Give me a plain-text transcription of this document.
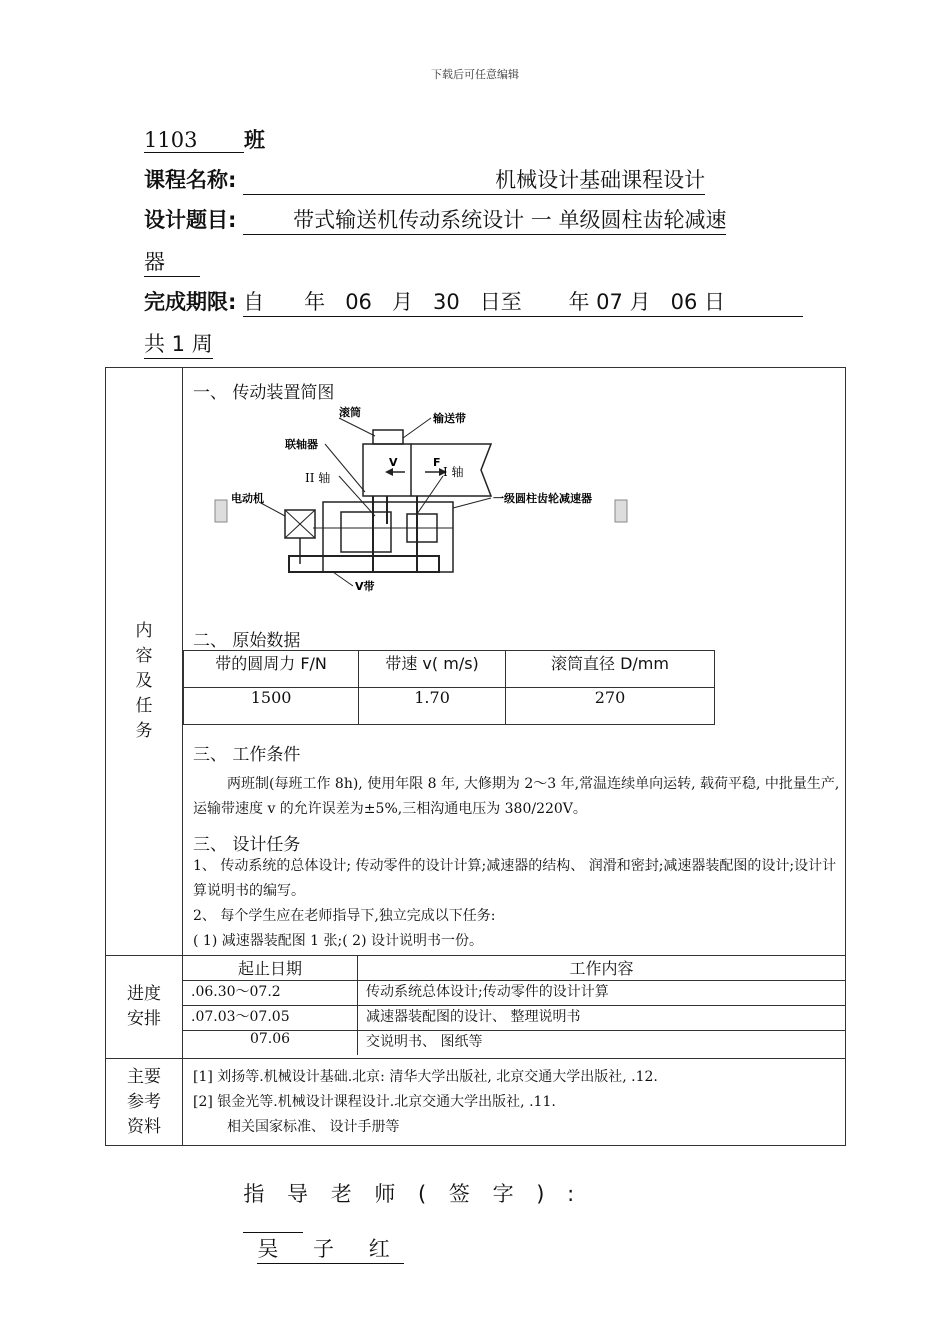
下载后可任意编辑
1103 班
课程名称:	机械设计基础课程设计
设计题目:	带式输送机传动系统设计 一 单级圆柱齿轮减速
器
完成期限: 自 年 06 月 30 日至 年 07 月 06 日
共 1 周
内
容
及
任
务

一、 传动装置简图
滚筒	输送带
联轴器
II 轴	I 轴
电动机	一级圆柱齿轮减速器
V带
V	F
二、 原始数据
带的圆周力 F/N	带速 v( m/s)	滚筒直径 D/mm
1500	1.70	270
三、 工作条件
两班制(每班工作 8h), 使用年限 8 年, 大修期为 2～3 年,常温连续单向运转, 载荷平稳, 中批量生产, 运输带速度 v 的允许误差为±5%,三相沟通电压为 380/220V。
三、 设计任务
1、 传动系统的总体设计; 传动零件的设计计算;减速器的结构、 润滑和密封;减速器装配图的设计;设计计算说明书的编写。
2、 每个学生应在老师指导下,独立完成以下任务:
( 1) 减速器装配图 1 张;( 2) 设计说明书一份。

进度
安排

起止日期	工作内容
.06.30～07.2	传动系统总体设计;传动零件的设计计算
.07.03～07.05	减速器装配图的设计、 整理说明书
07.06	交说明书、 图纸等

主要
参考
资料

[1] 刘扬等.机械设计基础.北京: 清华大学出版社, 北京交通大学出版社, .12.
[2] 银金光等.机械设计课程设计.北京交通大学出版社, .11.
相关国家标准、 设计手册等

指 导 老 师 ( 签 字 ) :

吴 子 红
